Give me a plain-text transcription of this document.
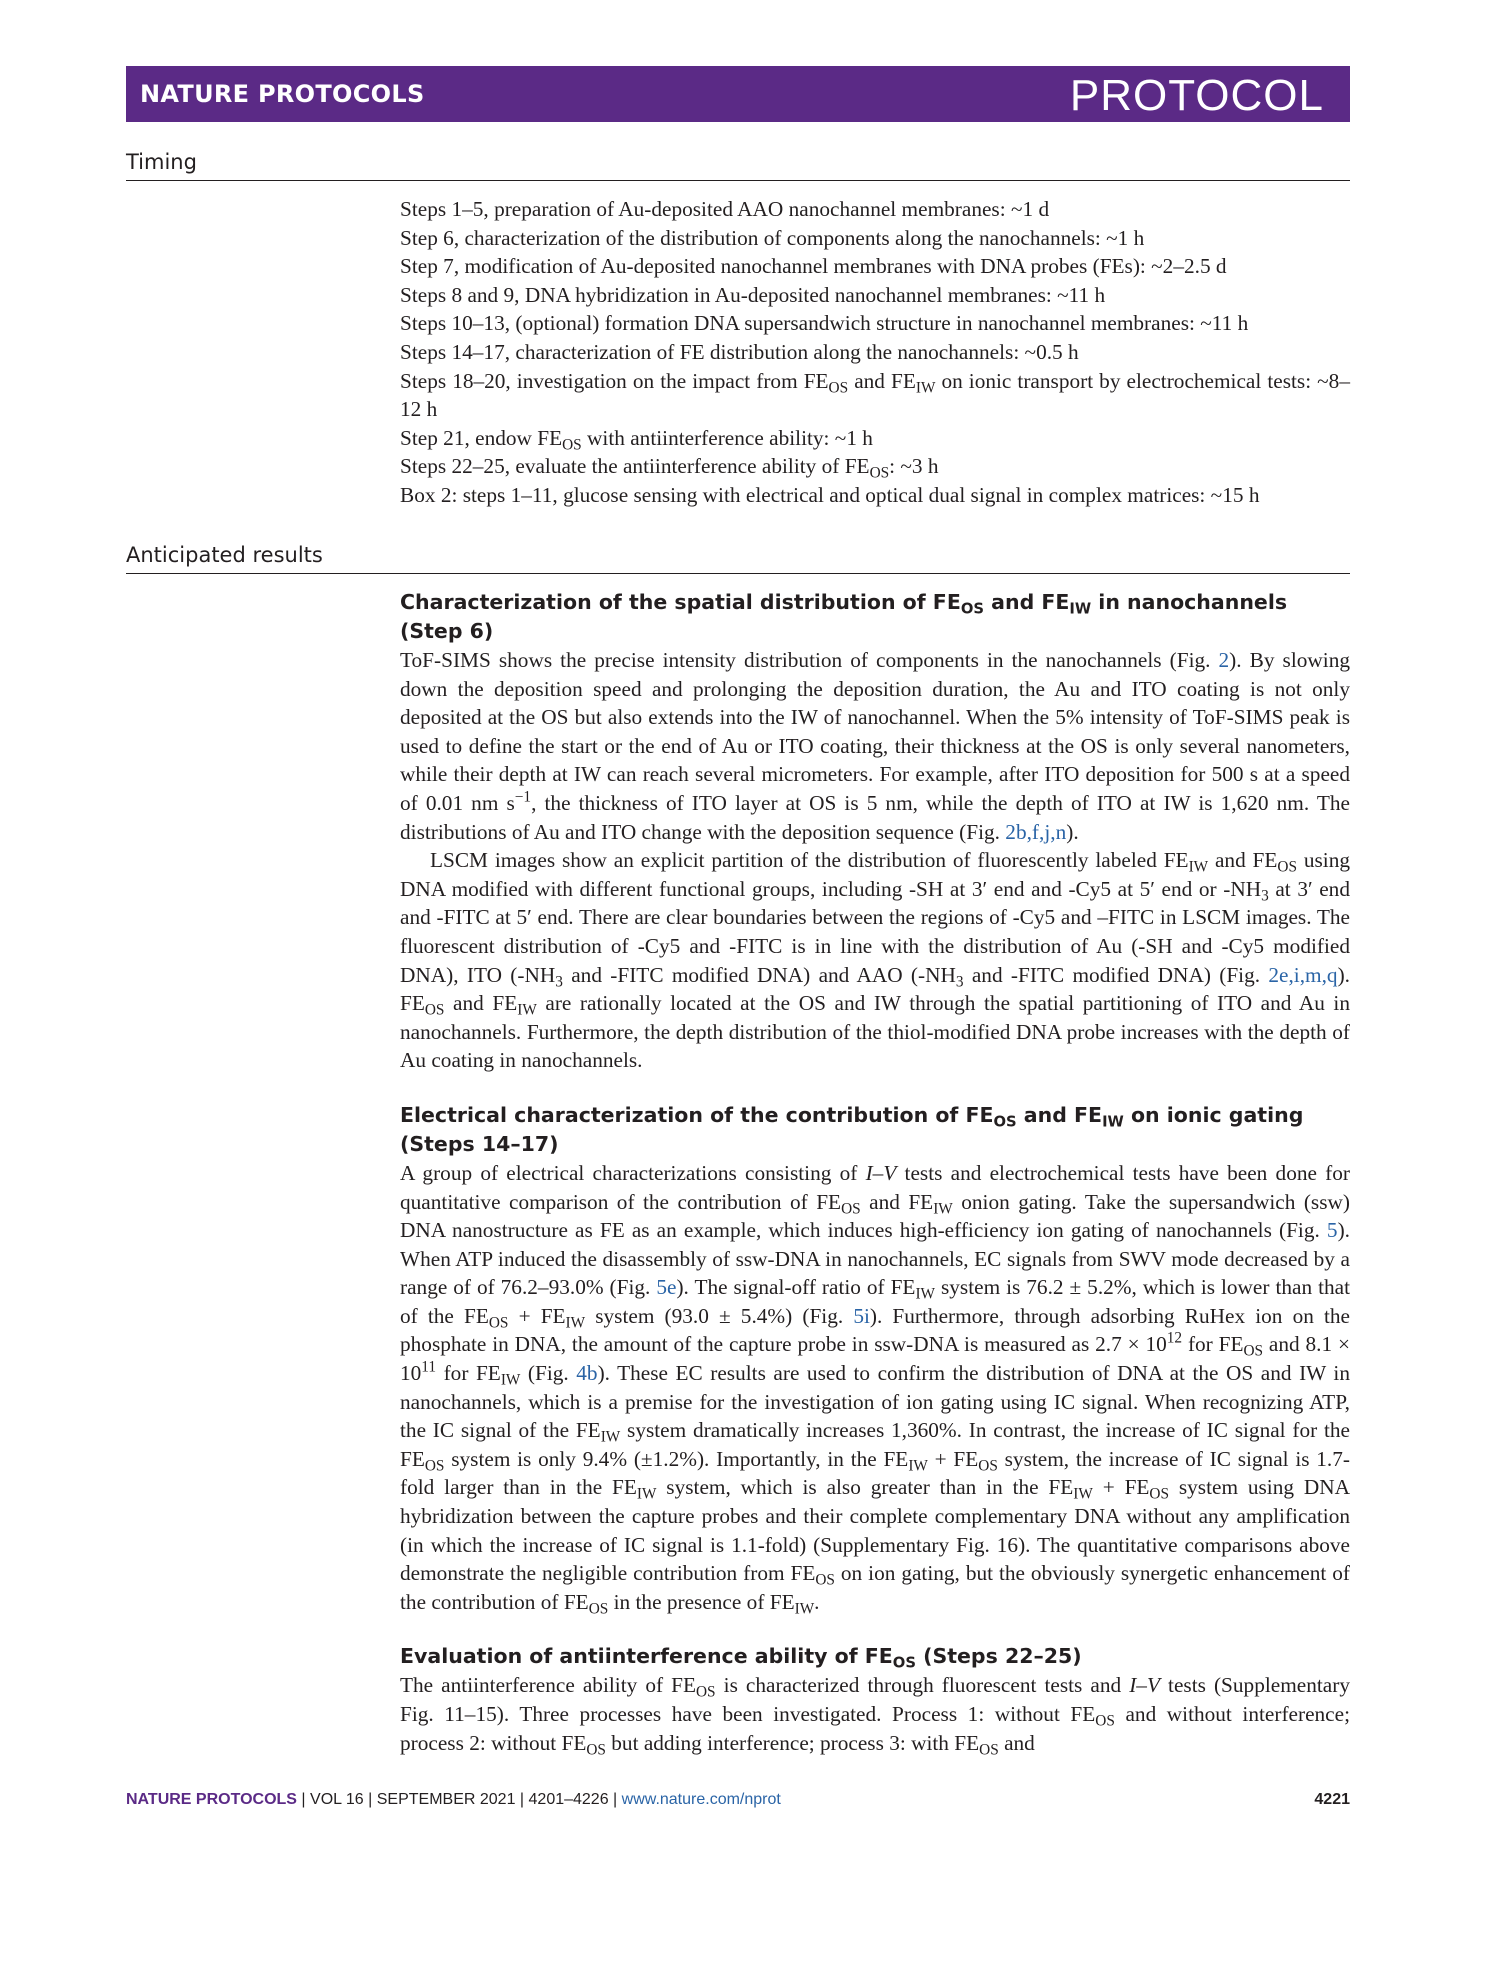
NATURE PROTOCOLS	PROTOCOL
Timing

Steps 1–5, preparation of Au-deposited AAO nanochannel membranes: ~1 d

Step 6, characterization of the distribution of components along the nanochannels: ~1 h

Step 7, modification of Au-deposited nanochannel membranes with DNA probes (FEs): ~2–2.5 d

Steps 8 and 9, DNA hybridization in Au-deposited nanochannel membranes: ~11 h

Steps 10–13, (optional) formation DNA supersandwich structure in nanochannel membranes: ~11 h

Steps 14–17, characterization of FE distribution along the nanochannels: ~0.5 h

Steps 18–20, investigation on the impact from $FE_{OS}$ and $FE_{IW}$ on ionic transport by electrochemical tests: ~8–12 h

Step 21, endow $FE_{OS}$ with antiinterference ability: ~1 h

Steps 22–25, evaluate the antiinterference ability of $FE_{OS}$: ~3 h

Box 2: steps 1–11, glucose sensing with electrical and optical dual signal in complex matrices: ~15 h

Anticipated results
Characterization of the spatial distribution of $FE_{OS}$ and $FE_{IW}$ in nanochannels (Step 6)

ToF-SIMS shows the precise intensity distribution of components in the nanochannels (Fig. 2). By slowing down the deposition speed and prolonging the deposition duration, the Au and ITO coating is not only deposited at the OS but also extends into the IW of nanochannel. When the 5% intensity of ToF-SIMS peak is used to define the start or the end of Au or ITO coating, their thickness at the OS is only several nanometers, while their depth at IW can reach several micrometers. For example, after ITO deposition for 500 s at a speed of 0.01 nm $s^{-1}$, the thickness of ITO layer at OS is 5 nm, while the depth of ITO at IW is 1,620 nm. The distributions of Au and ITO change with the deposition sequence (Fig. 2b,f,j,n).

LSCM images show an explicit partition of the distribution of fluorescently labeled $FE_{IW}$ and $FE_{OS}$ using DNA modified with different functional groups, including -SH at 3′ end and -Cy5 at 5′ end or $-NH_3$ at 3′ end and -FITC at 5′ end. There are clear boundaries between the regions of -Cy5 and –FITC in LSCM images. The fluorescent distribution of -Cy5 and -FITC is in line with the distribution of Au (-SH and -Cy5 modified DNA), ITO ($-NH_3$ and -FITC modified DNA) and AAO ($-NH_3$ and -FITC modified DNA) (Fig. 2e,i,m,q). $FE_{OS}$ and $FE_{IW}$ are rationally located at the OS and IW through the spatial partitioning of ITO and Au in nanochannels. Furthermore, the depth distribution of the thiol-modified DNA probe increases with the depth of Au coating in nanochannels.

Electrical characterization of the contribution of $FE_{OS}$ and $FE_{IW}$ on ionic gating (Steps 14–17)

A group of electrical characterizations consisting of I–V tests and electrochemical tests have been done for quantitative comparison of the contribution of $FE_{OS}$ and $FE_{IW}$ onion gating. Take the supersandwich (ssw) DNA nanostructure as FE as an example, which induces high-efficiency ion gating of nanochannels (Fig. 5). When ATP induced the disassembly of ssw-DNA in nanochannels, EC signals from SWV mode decreased by a range of of 76.2–93.0% (Fig. 5e). The signal-off ratio of $FE_{IW}$ system is 76.2 ± 5.2%, which is lower than that of the $FE_{OS} + FE_{IW}$ system (93.0 ± 5.4%) (Fig. 5i). Furthermore, through adsorbing RuHex ion on the phosphate in DNA, the amount of the capture probe in ssw-DNA is measured as $2.7 \times 10^{12}$ for $FE_{OS}$ and $8.1 \times 10^{11}$ for $FE_{IW}$ (Fig. 4b). These EC results are used to confirm the distribution of DNA at the OS and IW in nanochannels, which is a premise for the investigation of ion gating using IC signal. When recognizing ATP, the IC signal of the $FE_{IW}$ system dramatically increases 1,360%. In contrast, the increase of IC signal for the $FE_{OS}$ system is only 9.4% (±1.2%). Importantly, in the $FE_{IW} + FE_{OS}$ system, the increase of IC signal is 1.7-fold larger than in the $FE_{IW}$ system, which is also greater than in the $FE_{IW} + FE_{OS}$ system using DNA hybridization between the capture probes and their complete complementary DNA without any amplification (in which the increase of IC signal is 1.1-fold) (Supplementary Fig. 16). The quantitative comparisons above demonstrate the negligible contribution from $FE_{OS}$ on ion gating, but the obviously synergetic enhancement of the contribution of $FE_{OS}$ in the presence of $FE_{IW}$.

Evaluation of antiinterference ability of $FE_{OS}$ (Steps 22–25)

The antiinterference ability of $FE_{OS}$ is characterized through fluorescent tests and I–V tests (Supplementary Fig. 11–15). Three processes have been investigated. Process 1: without $FE_{OS}$ and without interference; process 2: without $FE_{OS}$ but adding interference; process 3: with $FE_{OS}$ and

NATURE PROTOCOLS | VOL 16 | SEPTEMBER 2021 | 4201–4226 | www.nature.com/nprot	4221
